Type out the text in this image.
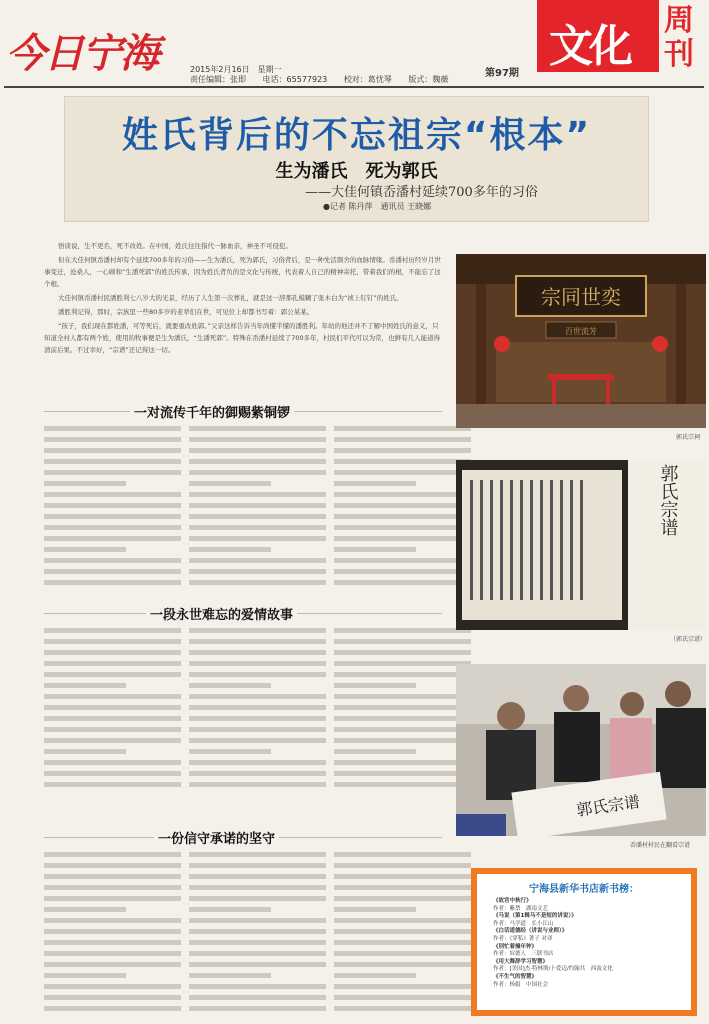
今日宁海	2015年2月16日　星期一
责任编辑：张即 电话：65577923 校对：葛忧琴 版式：魏薇
第97期
文化
周刊
姓氏背后的不忘祖宗“根本”
生为潘氏　死为郭氏
——大佳何镇岙潘村延续700多年的习俗
●记者 陈丹萍　通讯员 王晓娜

悟谈说，生不更名，死不改姓。在中国，姓氏往往指代一脉血亲，神圣不可侵犯。

但在大佳何镇岙潘村却有个延续700多年的习俗——生为潘氏，死为郭氏，习俗背后，是一种先活割舍的血脉情缘。岙潘村历经岁月世事变迁，沧桑人，一心顾和“生潘死郭”的姓氏传承，因为姓氏背负的是文化与传统，代表着人自己的精神寄托，带着我们的根，不能忘了这个根。

大佳何镇岙潘村民潘胜利七八岁大的光景，经历了人生第一次葬礼，就是这一辞那孔模糊了张木白为“祯上钉钉”的姓氏。

潘胜利记得，那时，宗族里一些80多岁的老辈们在世，可见位上却都书写着：郭公某某。

“孩子，我们现在都姓潘，可等死后，就要重改姓郭。”父亲这样告诉当年尚懂半懂的潘胜利。年幼的他还并不了解中国姓氏的意义，只知道全村人都有两个姓，使用的牧事便是生为潘氏，“生潘死郭”。特殊在岙潘村延续了700多年，村民们平代可以为常，也鲜有几人能道得清前后果。不过幸好，“宗谱”还记得这一切。

一对流传千年的御赐紫铜锣
一段永世难忘的爱情故事
一份信守承诺的坚守
宗同世奕
百世流芳
郭氏宗祠
郭氏宗谱
（郭氏宗谱）
郭氏宗谱
岙潘村村民在翻看宗谱
宁海县新华书店新书榜：
《故宫中秋行》
作者：紫禁　湖南文艺
《马说（第1辑马不是短的讲说）》
作者：马学道　长小江山
《白话道德经（讲说与业师）》
作者：《穿私》著子 对译
《别忙着撞年钟》
作者：奴德人　三联书店
《用大舞辞学习智慧》
作者：[美国]杰·特林斯/卜爱迈/约翰共　西南文化
《不生气的智慧》
作者：杨娟　中国社会
